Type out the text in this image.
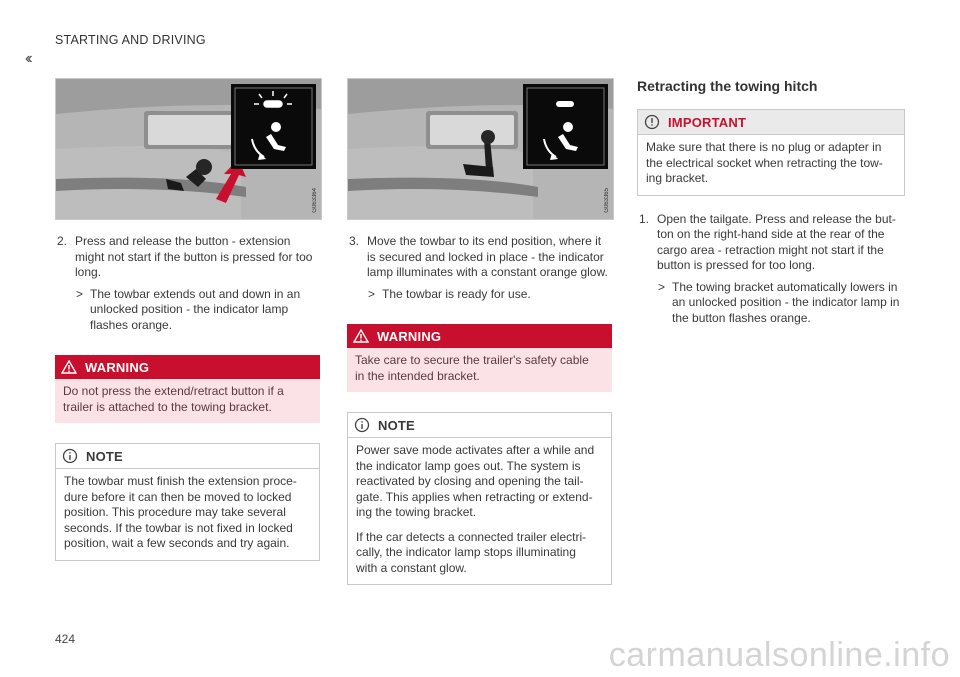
STARTING AND DRIVING
‹‹
G063364
2. Press and release the button - extension might not start if the button is pressed for too long.
> The towbar extends out and down in an unlocked position - the indicator lamp flashes orange.
WARNING

Do not press the extend/retract button if a trailer is attached to the towing bracket.

NOTE

The towbar must finish the extension proce-dure before it can then be moved to locked position. This procedure may take several seconds. If the towbar is not fixed in locked position, wait a few seconds and try again.

G063365
3. Move the towbar to its end position, where it is secured and locked in place - the indicator lamp illuminates with a constant orange glow.
> The towbar is ready for use.
WARNING

Take care to secure the trailer's safety cable in the intended bracket.

NOTE

Power save mode activates after a while and the indicator lamp goes out. The system is reactivated by closing and opening the tail-gate. This applies when retracting or extend-ing the towing bracket.

If the car detects a connected trailer electri-cally, the indicator lamp stops illuminating with a constant glow.

Retracting the towing hitch
IMPORTANT

Make sure that there is no plug or adapter in the electrical socket when retracting the tow-ing bracket.

1. Open the tailgate. Press and release the but-ton on the right-hand side at the rear of the cargo area - retraction might not start if the button is pressed for too long.
> The towing bracket automatically lowers in an unlocked position - the indicator lamp in the button flashes orange.
424	carmanualsonline.info
